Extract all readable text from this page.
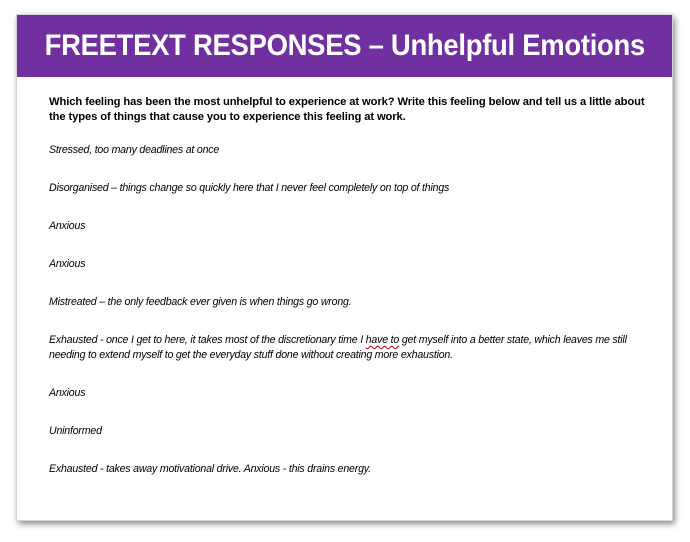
FREETEXT RESPONSES – Unhelpful Emotions

Which feeling has been the most unhelpful to experience at work? Write this feeling below and tell us a little about the types of things that cause you to experience this feeling at work.

Stressed, too many deadlines at once
Disorganised – things change so quickly here that I never feel completely on top of things
Anxious
Anxious
Mistreated – the only feedback ever given is when things go wrong.
Exhausted - once I get to here, it takes most of the discretionary time I have to get myself into a better state, which leaves me still needing to extend myself to get the everyday stuff done without creating more exhaustion.
Anxious
Uninformed
Exhausted - takes away motivational drive. Anxious - this drains energy.
